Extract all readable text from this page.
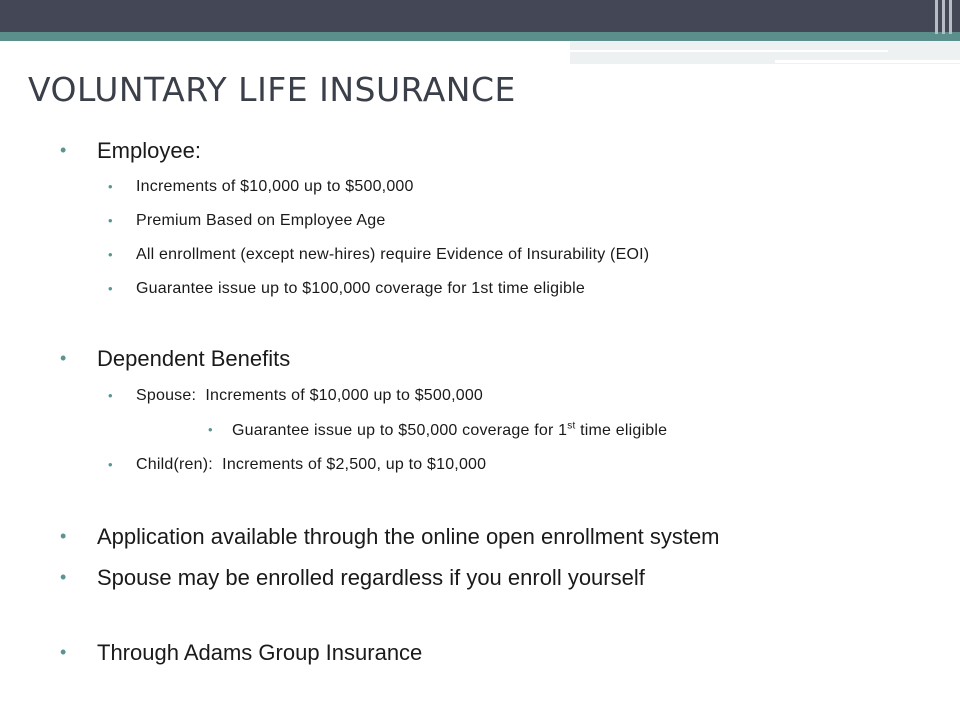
VOLUNTARY LIFE INSURANCE
• Employee:
• Increments of $10,000 up to $500,000
• Premium Based on Employee Age
• All enrollment (except new-hires) require Evidence of Insurability (EOI)
• Guarantee issue up to $100,000 coverage for 1st time eligible
• Dependent Benefits
• Spouse:  Increments of $10,000 up to $500,000
• Guarantee issue up to $50,000 coverage for 1st time eligible
• Child(ren):  Increments of $2,500, up to $10,000
• Application available through the online open enrollment system
• Spouse may be enrolled regardless if you enroll yourself
• Through Adams Group Insurance
